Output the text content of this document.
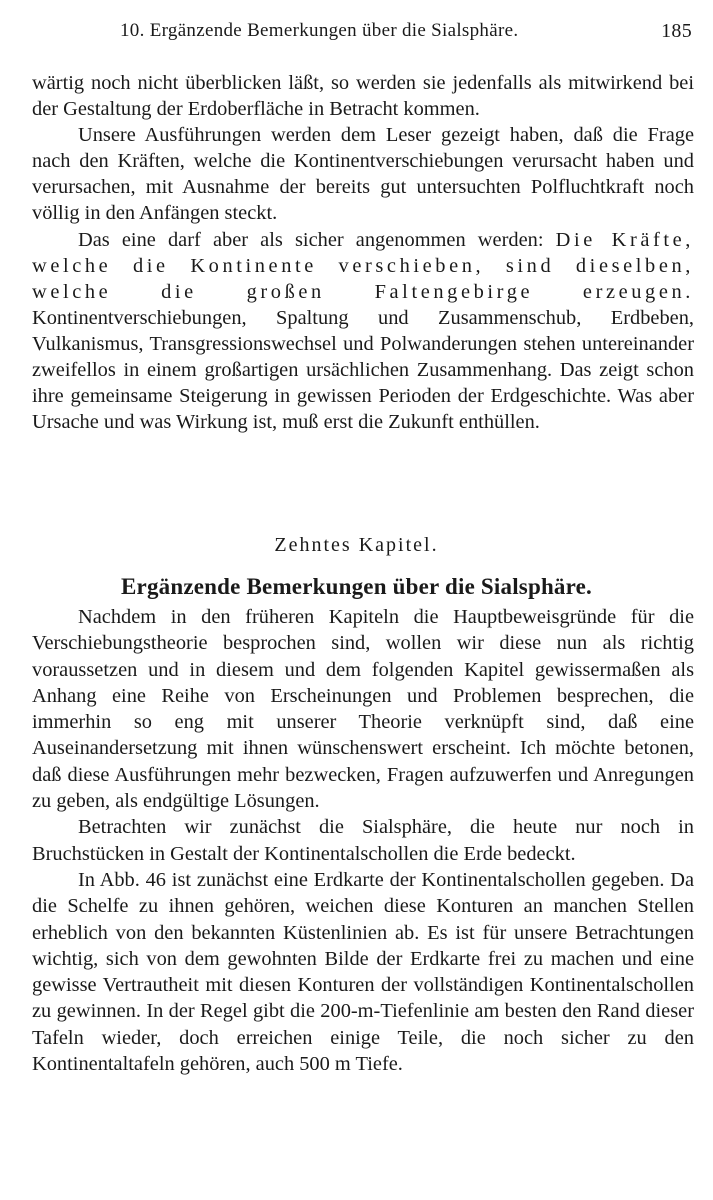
10. Ergänzende Bemerkungen über die Sialsphäre.	185

wärtig noch nicht überblicken läßt, so werden sie jedenfalls als mitwirkend bei der Gestaltung der Erdoberfläche in Betracht kommen.

Unsere Ausführungen werden dem Leser gezeigt haben, daß die Frage nach den Kräften, welche die Kontinentverschiebungen verursacht haben und verursachen, mit Ausnahme der bereits gut untersuchten Polfluchtkraft noch völlig in den Anfängen steckt.

Das eine darf aber als sicher angenommen werden: Die Kräfte, welche die Kontinente verschieben, sind dieselben, welche die großen Faltengebirge erzeugen. Kontinentverschiebungen, Spaltung und Zusammenschub, Erdbeben, Vulkanismus, Transgressionswechsel und Polwanderungen stehen untereinander zweifellos in einem großartigen ursächlichen Zusammenhang. Das zeigt schon ihre gemeinsame Steigerung in gewissen Perioden der Erdgeschichte. Was aber Ursache und was Wirkung ist, muß erst die Zukunft enthüllen.

Zehntes Kapitel.
Ergänzende Bemerkungen über die Sialsphäre.

Nachdem in den früheren Kapiteln die Hauptbeweisgründe für die Verschiebungstheorie besprochen sind, wollen wir diese nun als richtig voraussetzen und in diesem und dem folgenden Kapitel gewissermaßen als Anhang eine Reihe von Erscheinungen und Problemen besprechen, die immerhin so eng mit unserer Theorie verknüpft sind, daß eine Auseinandersetzung mit ihnen wünschenswert erscheint. Ich möchte betonen, daß diese Ausführungen mehr bezwecken, Fragen aufzuwerfen und Anregungen zu geben, als endgültige Lösungen.

Betrachten wir zunächst die Sialsphäre, die heute nur noch in Bruchstücken in Gestalt der Kontinentalschollen die Erde bedeckt.

In Abb. 46 ist zunächst eine Erdkarte der Kontinentalschollen gegeben. Da die Schelfe zu ihnen gehören, weichen diese Konturen an manchen Stellen erheblich von den bekannten Küstenlinien ab. Es ist für unsere Betrachtungen wichtig, sich von dem gewohnten Bilde der Erdkarte frei zu machen und eine gewisse Vertrautheit mit diesen Konturen der vollständigen Kontinentalschollen zu gewinnen. In der Regel gibt die 200-m-Tiefenlinie am besten den Rand dieser Tafeln wieder, doch erreichen einige Teile, die noch sicher zu den Kontinentaltafeln gehören, auch 500 m Tiefe.
